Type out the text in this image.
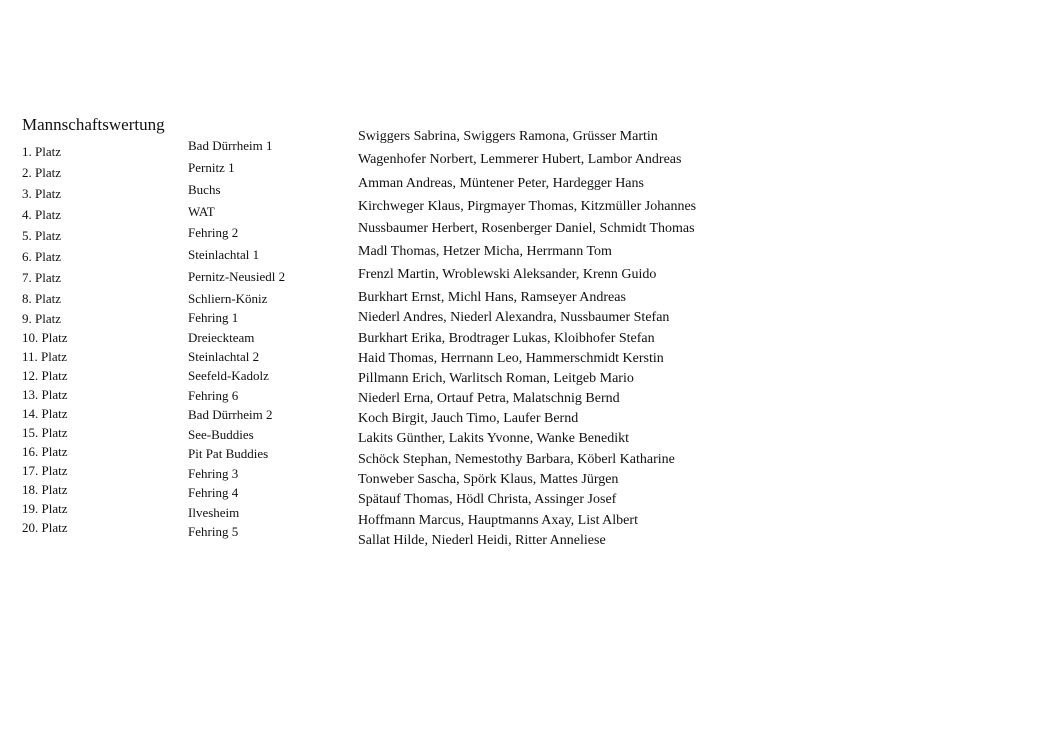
Mannschaftswertung
1. Platz
2. Platz
3. Platz
4. Platz
5. Platz
6. Platz
7. Platz
8. Platz
9. Platz
10. Platz
11. Platz
12. Platz
13. Platz
14. Platz
15. Platz
16. Platz
17. Platz
18. Platz
19. Platz
20. Platz
Bad Dürrheim 1
Pernitz 1
Buchs
WAT
Fehring 2
Steinlachtal 1
Pernitz-Neusiedl 2
Schliern-Köniz
Fehring 1
Dreieckteam
Steinlachtal 2
Seefeld-Kadolz
Fehring 6
Bad Dürrheim 2
See-Buddies
Pit Pat Buddies
Fehring 3
Fehring 4
Ilvesheim
Fehring 5
Swiggers Sabrina, Swiggers Ramona, Grüsser Martin
Wagenhofer Norbert, Lemmerer Hubert, Lambor Andreas
Amman Andreas, Müntener Peter, Hardegger Hans
Kirchweger Klaus, Pirgmayer Thomas, Kitzmüller Johannes
Nussbaumer Herbert, Rosenberger Daniel, Schmidt Thomas
Madl Thomas, Hetzer Micha, Herrmann Tom
Frenzl Martin, Wroblewski Aleksander, Krenn Guido
Burkhart Ernst, Michl Hans, Ramseyer Andreas
Niederl Andres, Niederl Alexandra, Nussbaumer Stefan
Burkhart Erika, Brodtrager Lukas, Kloibhofer Stefan
Haid Thomas, Herrnann Leo, Hammerschmidt Kerstin
Pillmann Erich, Warlitsch Roman, Leitgeb Mario
Niederl Erna, Ortauf Petra, Malatschnig Bernd
Koch Birgit, Jauch Timo, Laufer Bernd
Lakits Günther, Lakits Yvonne, Wanke Benedikt
Schöck Stephan, Nemestothy Barbara, Köberl Katharine
Tonweber Sascha, Spörk Klaus, Mattes Jürgen
Spätauf Thomas, Hödl Christa, Assinger Josef
Hoffmann Marcus, Hauptmanns Axay, List Albert
Sallat Hilde, Niederl Heidi, Ritter Anneliese
